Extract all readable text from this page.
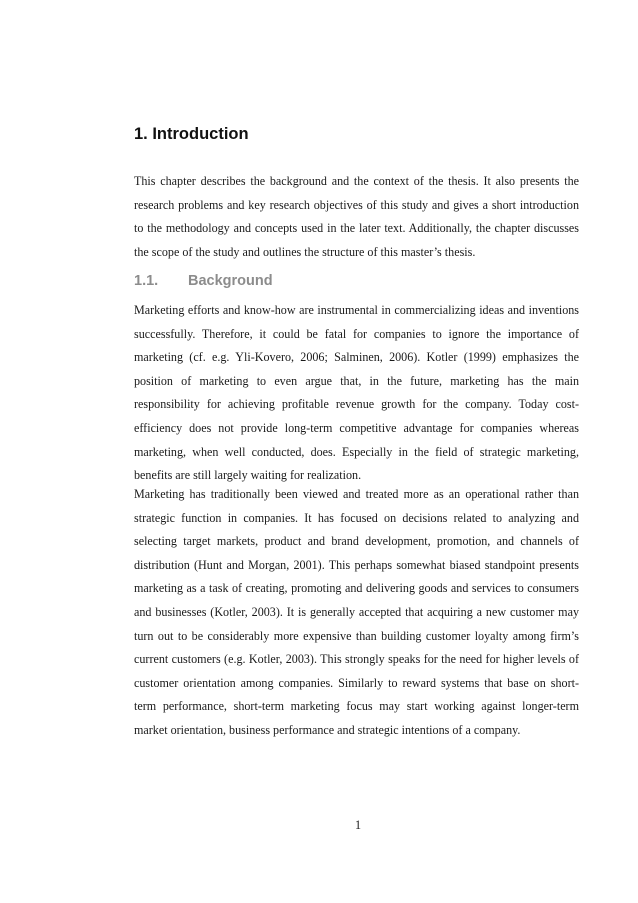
1. Introduction

This chapter describes the background and the context of the thesis. It also presents the research problems and key research objectives of this study and gives a short introduction to the methodology and concepts used in the later text. Additionally, the chapter discusses the scope of the study and outlines the structure of this master’s thesis.

1.1. Background

Marketing efforts and know-how are instrumental in commercializing ideas and inventions successfully. Therefore, it could be fatal for companies to ignore the importance of marketing (cf. e.g. Yli-Kovero, 2006; Salminen, 2006). Kotler (1999) emphasizes the position of marketing to even argue that, in the future, marketing has the main responsibility for achieving profitable revenue growth for the company. Today cost-efficiency does not provide long-term competitive advantage for companies whereas marketing, when well conducted, does. Especially in the field of strategic marketing, benefits are still largely waiting for realization.

Marketing has traditionally been viewed and treated more as an operational rather than strategic function in companies. It has focused on decisions related to analyzing and selecting target markets, product and brand development, promotion, and channels of distribution (Hunt and Morgan, 2001). This perhaps somewhat biased standpoint presents marketing as a task of creating, promoting and delivering goods and services to consumers and businesses (Kotler, 2003). It is generally accepted that acquiring a new customer may turn out to be considerably more expensive than building customer loyalty among firm’s current customers (e.g. Kotler, 2003). This strongly speaks for the need for higher levels of customer orientation among companies. Similarly to reward systems that base on short-term performance, short-term marketing focus may start working against longer-term market orientation, business performance and strategic intentions of a company.

1
